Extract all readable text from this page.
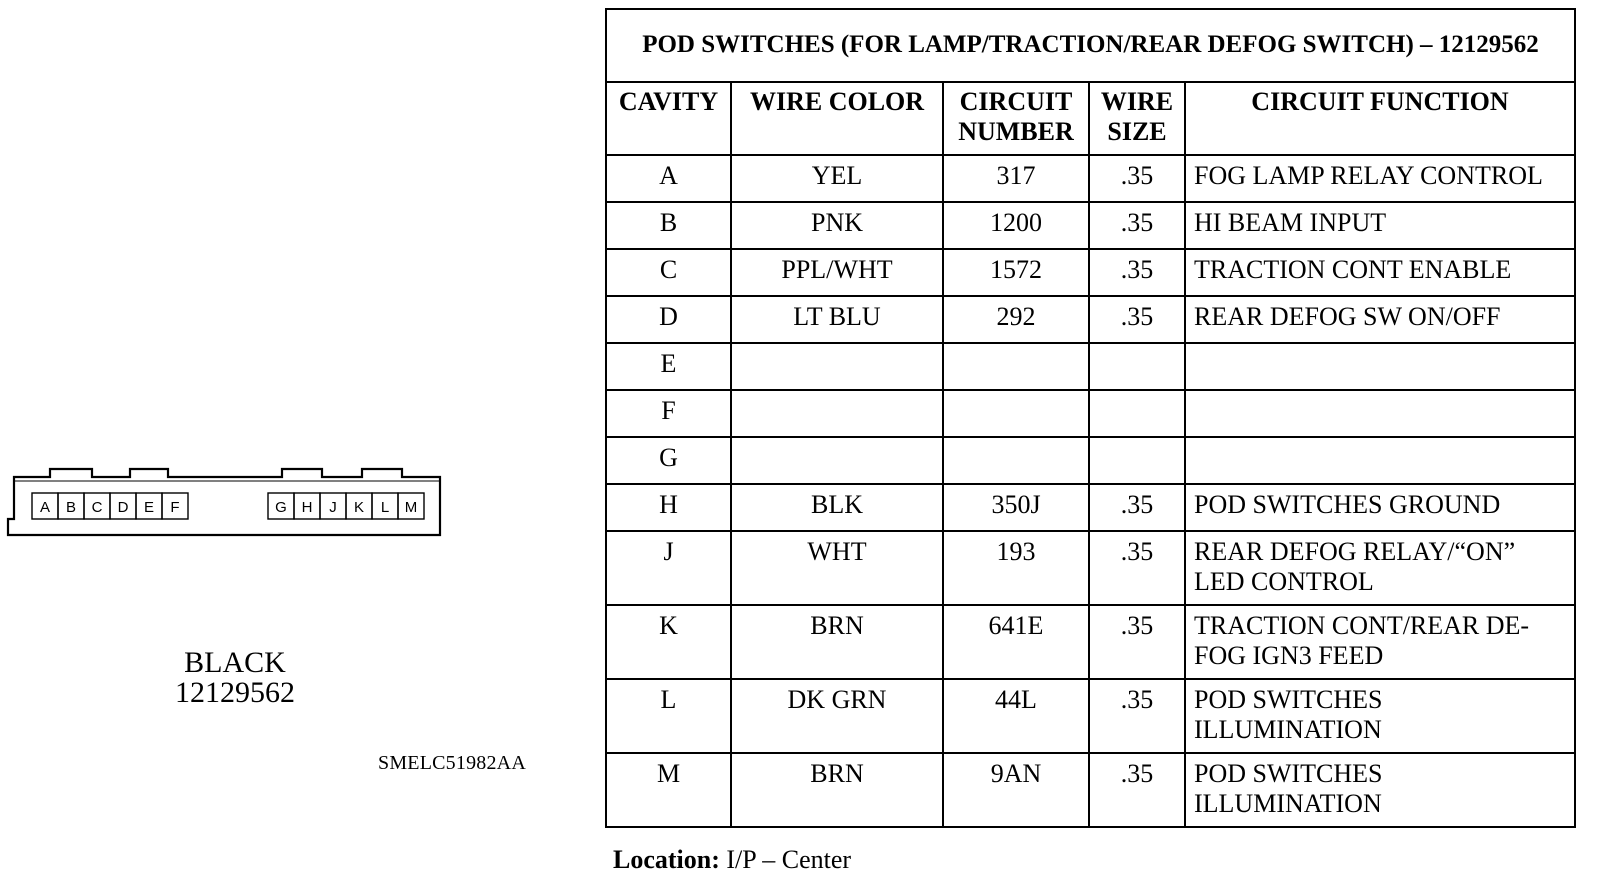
A B C D E F	G H J K L M
BLACK
12129562
SMELC51982AA
POD SWITCHES (FOR LAMP/TRACTION/REAR DEFOG SWITCH) – 12129562				
CAVITY	WIRE COLOR	CIRCUIT NUMBER	WIRE SIZE	CIRCUIT FUNCTION
A	YEL	317	.35	FOG LAMP RELAY CONTROL
B	PNK	1200	.35	HI BEAM INPUT
C	PPL/WHT	1572	.35	TRACTION CONT ENABLE
D	LT BLU	292	.35	REAR DEFOG SW ON/OFF
E				
F				
G				
H	BLK	350J	.35	POD SWITCHES GROUND
J	WHT	193	.35	REAR DEFOG RELAY/“ON” LED CONTROL
K	BRN	641E	.35	TRACTION CONT/REAR DE-FOG IGN3 FEED
L	DK GRN	44L	.35	POD SWITCHES ILLUMINATION
M	BRN	9AN	.35	POD SWITCHES ILLUMINATION
Location: I/P – Center
